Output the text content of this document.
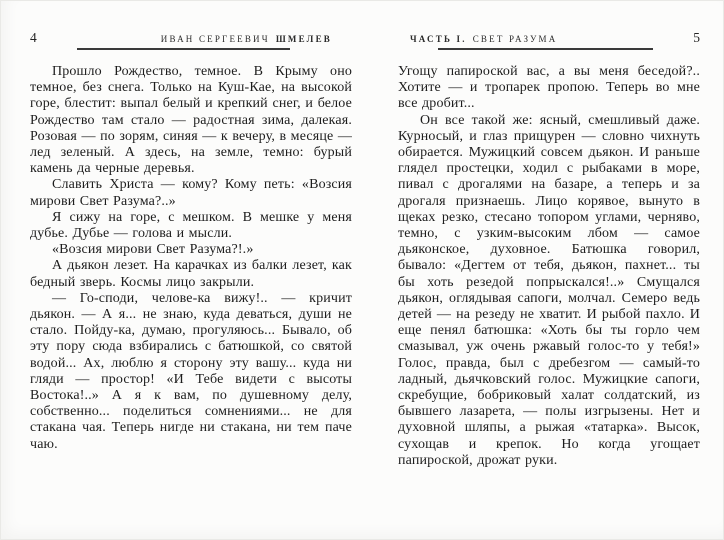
4	ИВАН СЕРГЕЕВИЧ ШМЕЛЕВ

Прошло Рождество, темное. В Крыму оно темное, без снега. Только на Куш-Кае, на высокой горе, блестит: выпал белый и крепкий снег, и белое Рождество там стало — радостная зима, далекая. Розовая — по зорям, синяя — к вечеру, в месяце — лед зеленый. А здесь, на земле, темно: бурый камень да черные деревья.

Славить Христа — кому? Кому петь: «Возсия мирови Свет Разума?..»

Я сижу на горе, с мешком. В мешке у меня дубье. Дубье — голова и мысли.

«Возсия мирови Свет Разума?!.»

А дьякон лезет. На карачках из балки лезет, как бедный зверь. Космы лицо закрыли.

— Го-споди, челове-ка вижу!.. — кричит дьякон. — А я... не знаю, куда деваться, души не стало. Пойду-ка, думаю, прогуляюсь... Бывало, об эту пору сюда взбирались с батюшкой, со святой водой... Ах, люблю я сторону эту вашу... куда ни гляди — простор! «И Тебе видети с высоты Востока!..» А я к вам, по душевному делу, собственно... поделиться сомнениями... не для стакана чая. Теперь нигде ни стакана, ни тем паче чаю.

ЧАСТЬ I. СВЕТ РАЗУМА	5

Угощу папироской вас, а вы меня беседой?.. Хотите — и тропарек пропою. Теперь во мне все дробит...

Он все такой же: ясный, смешливый даже. Курносый, и глаз прищурен — словно чихнуть обирается. Мужицкий совсем дьякон. И раньше глядел простецки, ходил с рыбаками в море, пивал с дрогалями на базаре, а теперь и за дрогаля признаешь. Лицо корявое, вынуто в щеках резко, стесано топором углами, черняво, темно, с узким-высоким лбом — самое дьяконское, духовное. Батюшка говорил, бывало: «Дегтем от тебя, дьякон, пахнет... ты бы хоть резедой попрыскался!..» Смущался дьякон, оглядывая сапоги, молчал. Семеро ведь детей — на резеду не хватит. И рыбой пахло. И еще пенял батюшка: «Хоть бы ты горло чем смазывал, уж очень ржавый голос-то у тебя!» Голос, правда, был с дребезгом — самый-то ладный, дьячковский голос. Мужицкие сапоги, скребущие, бобриковый халат солдатский, из бывшего лазарета, — полы изгрызены. Нет и духовной шляпы, а рыжая «татарка». Высок, сухощав и крепок. Но когда угощает папироской, дрожат руки.
